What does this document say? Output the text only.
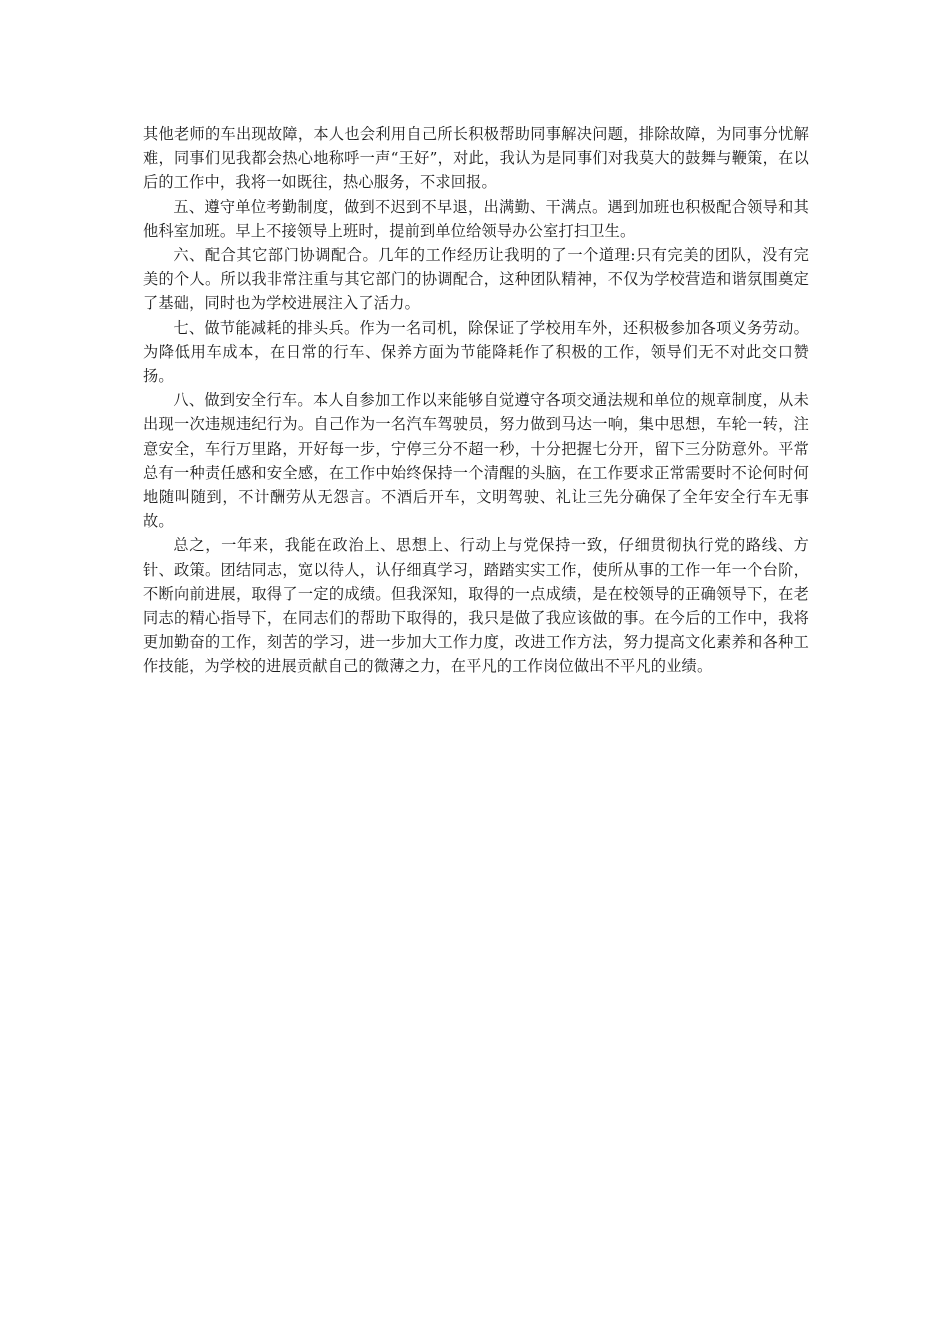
其他老师的车出现故障，本人也会利用自己所长积极帮助同事解决问题，排除故障，为同事分忧解难，同事们见我都会热心地称呼一声“王好”，对此，我认为是同事们对我莫大的鼓舞与鞭策，在以后的工作中，我将一如既往，热心服务，不求回报。

五、遵守单位考勤制度，做到不迟到不早退，出满勤、干满点。遇到加班也积极配合领导和其他科室加班。早上不接领导上班时，提前到单位给领导办公室打扫卫生。

六、配合其它部门协调配合。几年的工作经历让我明的了一个道理:只有完美的团队，没有完美的个人。所以我非常注重与其它部门的协调配合，这种团队精神，不仅为学校营造和谐氛围奠定了基础，同时也为学校进展注入了活力。

七、做节能减耗的排头兵。作为一名司机，除保证了学校用车外，还积极参加各项义务劳动。为降低用车成本，在日常的行车、保养方面为节能降耗作了积极的工作，领导们无不对此交口赞扬。

八、做到安全行车。本人自参加工作以来能够自觉遵守各项交通法规和单位的规章制度，从未出现一次违规违纪行为。自己作为一名汽车驾驶员，努力做到马达一响，集中思想，车轮一转，注意安全，车行万里路，开好每一步，宁停三分不超一秒，十分把握七分开，留下三分防意外。平常总有一种责任感和安全感，在工作中始终保持一个清醒的头脑，在工作要求正常需要时不论何时何地随叫随到，不计酬劳从无怨言。不酒后开车，文明驾驶、礼让三先分确保了全年安全行车无事故。

总之，一年来，我能在政治上、思想上、行动上与党保持一致，仔细贯彻执行党的路线、方针、政策。团结同志，宽以待人，认仔细真学习，踏踏实实工作，使所从事的工作一年一个台阶，不断向前进展，取得了一定的成绩。但我深知，取得的一点成绩，是在校领导的正确领导下，在老同志的精心指导下，在同志们的帮助下取得的，我只是做了我应该做的事。在今后的工作中，我将更加勤奋的工作，刻苦的学习，进一步加大工作力度，改进工作方法，努力提高文化素养和各种工作技能，为学校的进展贡献自己的微薄之力，在平凡的工作岗位做出不平凡的业绩。
